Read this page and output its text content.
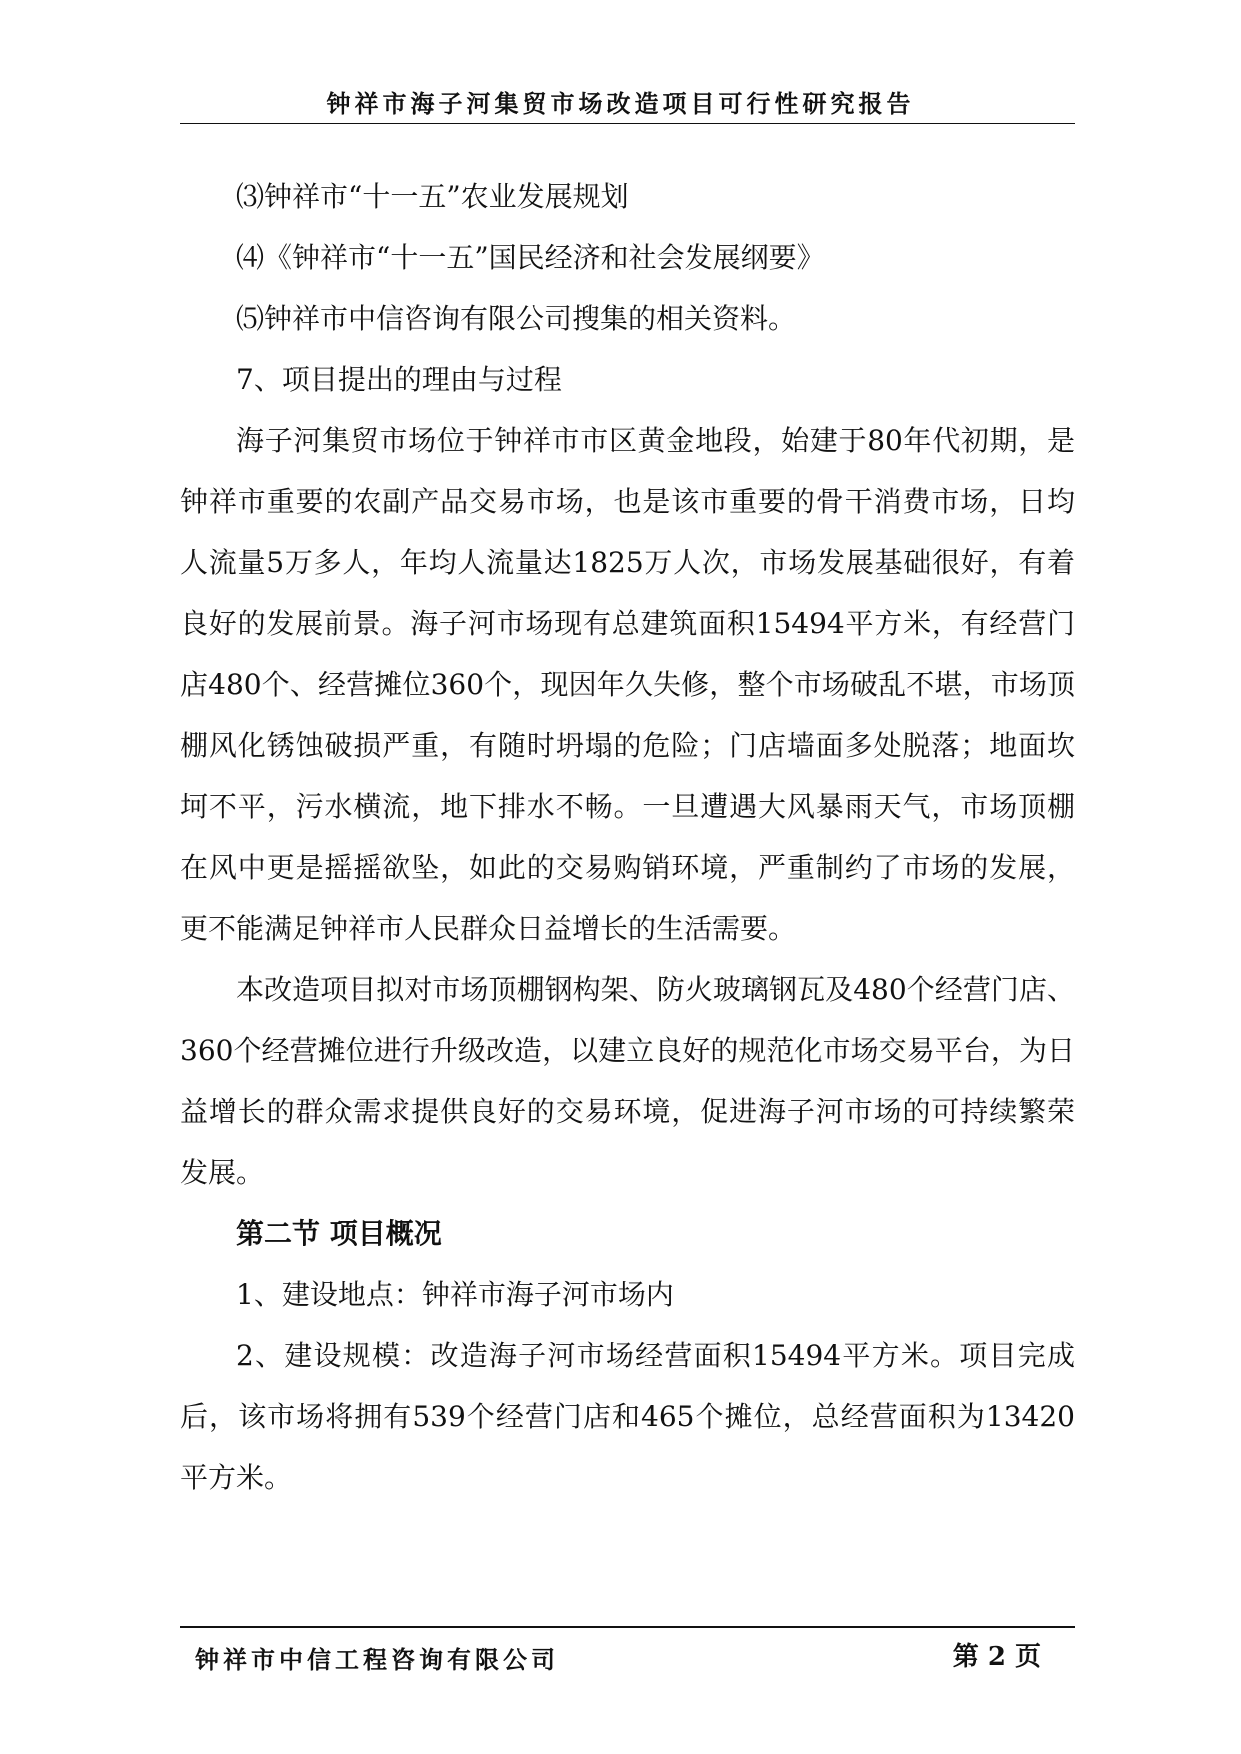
钟祥市海子河集贸市场改造项目可行性研究报告

⑶钟祥市“十一五”农业发展规划

⑷《钟祥市“十一五”国民经济和社会发展纲要》

⑸钟祥市中信咨询有限公司搜集的相关资料。

7、项目提出的理由与过程

海子河集贸市场位于钟祥市市区黄金地段，始建于80年代初期，是钟祥市重要的农副产品交易市场，也是该市重要的骨干消费市场，日均人流量5万多人，年均人流量达1825万人次，市场发展基础很好，有着良好的发展前景。海子河市场现有总建筑面积15494平方米，有经营门店480个、经营摊位360个，现因年久失修，整个市场破乱不堪，市场顶棚风化锈蚀破损严重，有随时坍塌的危险；门店墙面多处脱落；地面坎坷不平，污水横流，地下排水不畅。一旦遭遇大风暴雨天气，市场顶棚在风中更是摇摇欲坠，如此的交易购销环境，严重制约了市场的发展，更不能满足钟祥市人民群众日益增长的生活需要。

本改造项目拟对市场顶棚钢构架、防火玻璃钢瓦及480个经营门店、360个经营摊位进行升级改造，以建立良好的规范化市场交易平台，为日益增长的群众需求提供良好的交易环境，促进海子河市场的可持续繁荣发展。

第二节 项目概况

1、建设地点：钟祥市海子河市场内

2、建设规模：改造海子河市场经营面积15494平方米。项目完成后，该市场将拥有539个经营门店和465个摊位，总经营面积为13420平方米。

钟祥市中信工程咨询有限公司	第 2 页
